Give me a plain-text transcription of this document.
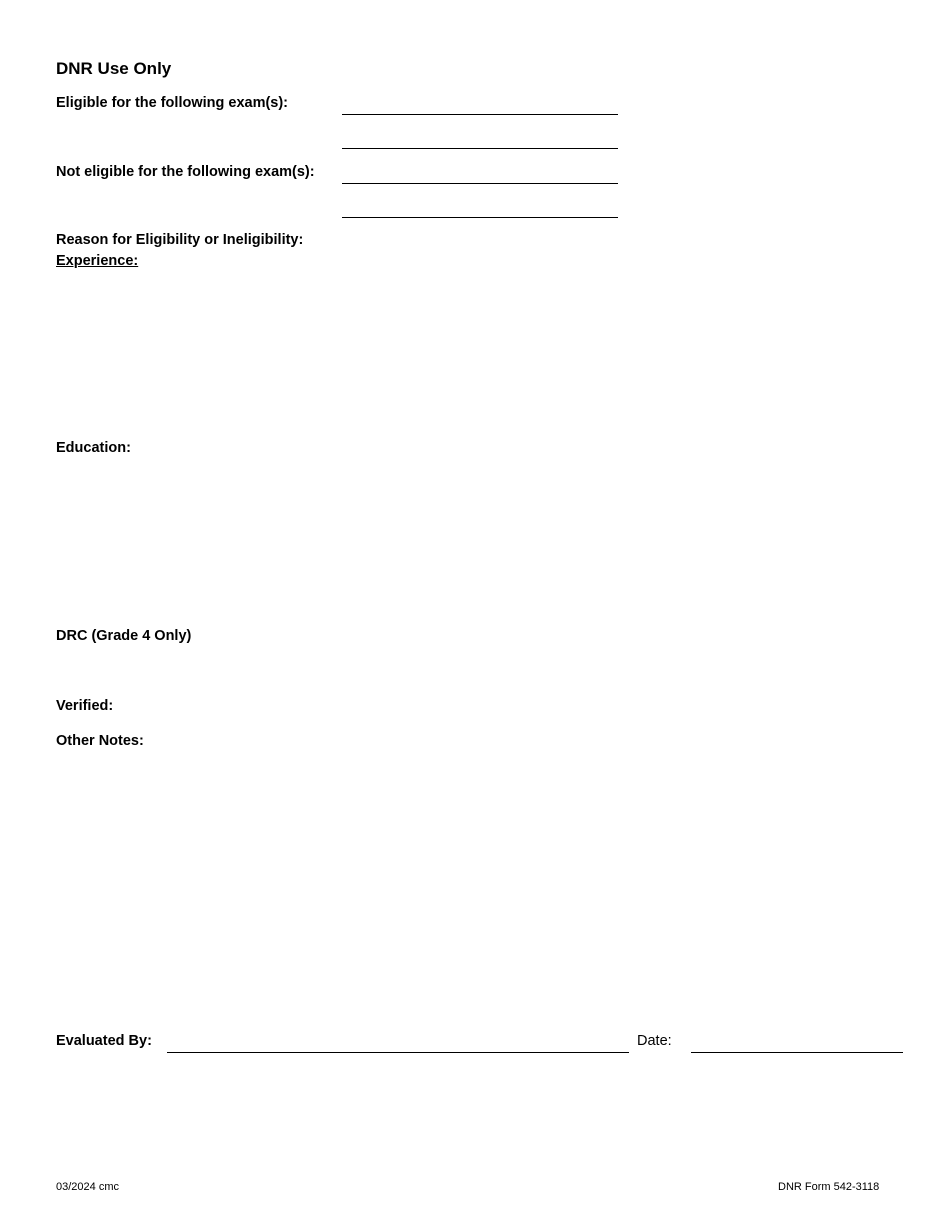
DNR Use Only
Eligible for the following exam(s):
Not eligible for the following exam(s):
Reason for Eligibility or Ineligibility:
Experience:
Education:
DRC (Grade 4 Only)
Verified:
Other Notes:
Evaluated By:	Date:
03/2024 cmc	DNR Form 542-3118
